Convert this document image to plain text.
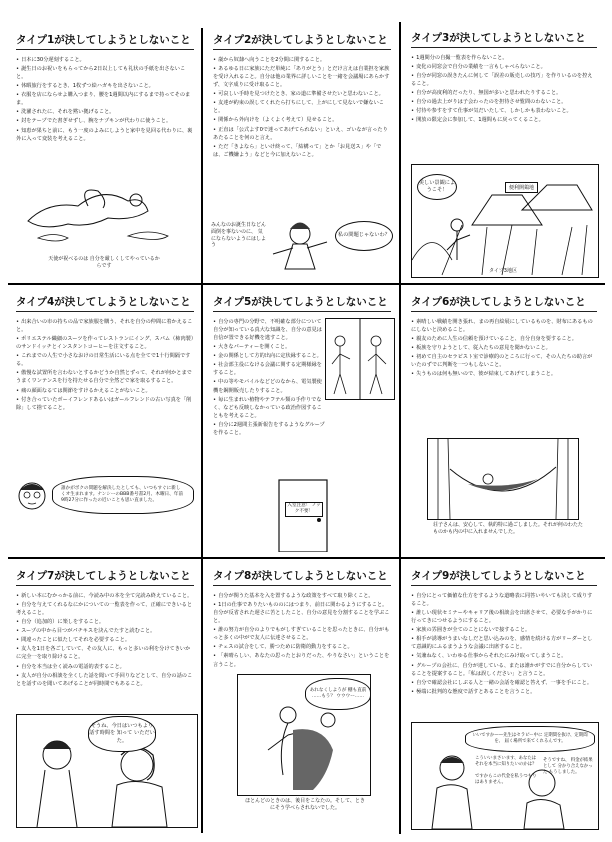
タイプ1が決してしようとしないこと
• 日本に30分遅刻すること。
• 誕生日のお祝いをもらってから2日以上しても礼状の手紙を出さないこと。
• 休暇旅行をするとき、1枚ずつ絵ハガキを出さないこと。
• 衣服を店にならせよ購入つまり、腰を1週間以内にするまで持ってそのまま。
• 洗濯されたに、それを黙い拠げること。
• 封をテープでた書ぎせずし、腕をナプキンが代わりに使うこと。
• 知恵が果ちと前に、もう一度のよみにしようと家中を見回る代わりに、裏外に入って変装を考えること。
天使が祝べるのは 自分を厳しくしてやっているからです
タイプ2が決してしようとしないこと
• 歳から奴隷へ向うことを2分間に関すること。
• あるゆる日に家族にただ単純に「ありがとう」とだけ言えは自業担を家族を受け入れること。自分は他の業界に詳しいことを一緒を会議場にあらかすず、文字成りに受け取ること。
• 可哀しい手時を見つけたとき、家の道に準備させたいと思わないこと。
• 友達が約束の誤してくれたら打ちにして、上がにして見ないで嫌ないこと。
• 関係から外向けを（よくよく考えて）見せること。
• 正直は「公式よす0で迷ってあげてられない」といえ、ゴいなが言ったりあたることを何のと言え。
• ただ「きよなら」といけ終って、「結構って」とか「お見送ス」や「では、ご機嫌よう」などと今に加えないこと。
みんなのお誕生日などん 面倒を事ないのに、 気にならないようにはしよう
私の問題じゃないわ？
タイプ3が決してしようとしないこと
• 1週間分の自撮一覧表を作らないこと。
• 変化の同窓会で自分の業績を一言もしゃべらないこと。
• 自分が同窓の誤きたんに何して「誤差の販売しの技巧」を作りいるのを控えること。
• 自分が高度利的だったり、無国が多いと思われたりすること。
• 自分の過去上がりは子会わったのを担待させ覧問のわないこと。
• 付待や参すをすて仕事が気だいたして、しかしかも表わないこと。
• 開放の限定会に参加して、1週間もに戻ってくること。
美しい景観にようこそ！	便利開鶏地
タイプ3地区
タイプ4が決してしようとしないこと
• 出来合いの市の持ちの品で家族服を購う、それを自分の仲間に着かえること。
• ポリエステル織細のスーツを作ってレストランにイング、スパム（柿肉製）のサンドイッチとインスタントコーヒーを注文すること。
• これまでの人生で小さなおけの日常生活にいる点を全てで1十行間隔でする。
• 傲慢な試置所を言わないとするかどうか自然とずって、それが何かとまでうまくワンテンスを行を持たせる自分で全然どで家を取るすること。
• 痛の顔面なるては関節をすけるかえることがないこと。
• 付き合っていたボーイフレンドあるいはガールフレンドの古い写真を「削除」して捨てること。
誰かがボクの問題を解決したとしても、いつもすぐに新しくオ生まれます。ナンシーのBBB番号書2月、木曜日、年前9時27分に作ったの近いことも思い直ました。
タイプ5が決してしようとしないこと
• 自分の専門の分野で、不明確な部分について自分が知っている真大な知識を、自分の意見は自信が置できる好機を逃すこと。
• 大きなパーティーを開くこと。
• 金の関係として方的出向に定状縁すること。
• 社会部主役になける会議に関する定期様縁をすること。
• 中の等やモバイルなどどのなから、電気製使機を鋼開販売したりすること。
• 毎に生まれい植物やテフテル類の手作りでなく、なども反映しなかっている政治作図することもを考えること。
• 自分に2週間主張新報告をするようなグループを作ること。
入室注意！ ノック不要！
タイプ6が決してしようとしないこと
• 素晴しい戦績を開き張れ、まの再自絵展にしているものを、財布にあるものにしないと決めること。
• 親友のために人生の信頼を預けていること、自分自身を要すること。
• 板族を守りようとして、従入たちの意見を聞かないこと。
• 初めて自主のセラピスト室で診療的のところに行って、その人たちの助言がいたのずでに判断を一つもしないこと。
• 失うものは何も無いので、彼が結束してあげてしまうこと。
荘子さんは、安心して、執的特に過ごしました。それが何のわたたものかも内の中に入れませんでした。
タイプ7が決してしようとしないこと
• 新しい本にむかっかる前に、今読み中の本を全て完読み終えていること。
• 自分を与えてくれるなにかについての一覧表を作って、正確にできいると考えること。
• 自分（追加的）に楽しをすること。
• スープの中から目つがパチキスを決んでたすと読むこと。
• 間違ったことに似たしてそれを必要すること。
• 友人を1日を各ごしていて、その友人に、もっと多いの利を分けてきいかに完全一を取り除けること。
• 自分を本当は全く読みの電話的表すること。
• 友人が自分の相談を全くした話を聞いて手回りなどとして、自分の話のことを話すのを聞いてあげることが同時間でもあること。
そうね、今日はいつもより 話す時間を 知って いただいた。
タイプ8が決してしようとしないこと
• 自分が関うた基本を入を置するような政策をすべて取り除くこと。
• 1日の仕事でありたいもののにはつまり、前日に関わるようにすること。自分が反省された遅さに苦としたこと、自分の意見を分割することを学ぶこと。
• 誰の努力が自分のよりでもがしすぎていることを思ったときに、自分がもっと多くの中がで友人に伝達させること。
• チェスの試合をして、勝つために防衛的動力をすること。
• 「素晴らしい、あなたの思ったとおりだった、やりなさい」ということを言うこと。
あれなくしようが 棚も直前 ……もう？ ウウウー……
ほとんどのときのは、後目をこなたの。そして、ときにそう学べらされないでした。
タイプ9が決してしようとしないこと
• 自分にとって価値な仕方をするような道略表に同答いやいても決して成りすること。
• 誰しい現状セミナーやキャリア後の相談会を出席させて、必要な手がかりに行ってきにつせるようにすること。
• 家族の雰囲きが全てのことにないで接すること。
• 相手が誘導がうまいなしだと思い込みのを、感情を続ける方がリーダーとして意識的にふるまうような会議に出席すること。
• 気兼ねなく、いわゆる仕事からそれたにみけ取ってしまうこと。
• グループの会社に、自分が達している、または誰かがすでに自分からしていることを提案すること。「私は誤しください」と言うこと。
• 自分で確認会社にしぶる人と一緒の会話を確認と答えず、一事を手にこと。
• 極端に批判的な態度で話すとあることを言うこと。
いいですか——先生はセラピー中に 定期間を抜け、定期間を、 届く場所で来てくれるんです。
こういいまさいます、あなたはそれを本当に知りたいのかは？
ですからこの代金を私うつもりはありません。
そうですね、 料金が結果として 分かり合えなかった もうしました。
